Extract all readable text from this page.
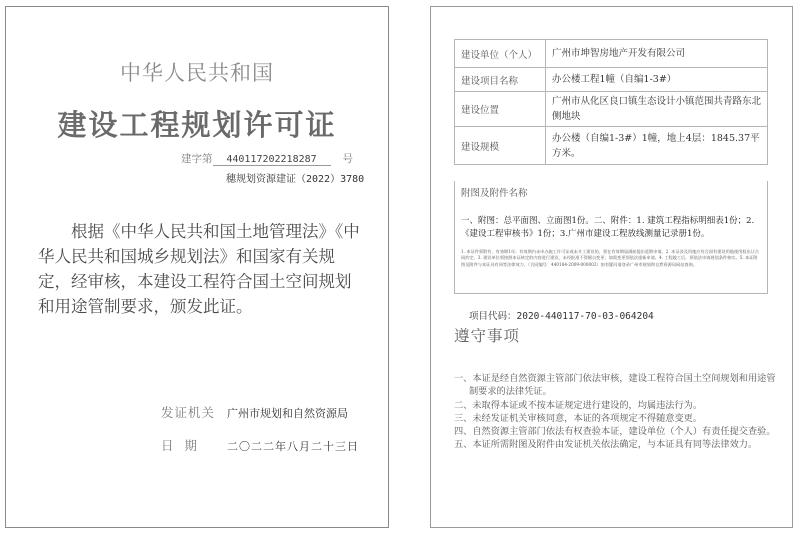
中华人民共和国
建设工程规划许可证
建字第 440117202218287 号
穗规划资源建证（2022）3780
根据《中华人民共和国土地管理法》《中华人民共和国城乡规划法》和国家有关规定，经审核，本建设工程符合国土空间规划和用途管制要求，颁发此证。
发证机关 广州市规划和自然资源局
日期 二〇二二年八月二十三日
建设单位（个人）	广州市坤智房地产开发有限公司
建设项目名称	办公楼工程1幢（自编1-3#）
建设位置	广州市从化区良口镇生态设计小镇范围共青路东北侧地块
建设规模	办公楼（自编1-3#）1幢，地上4层：1845.37平方米。
附图及附件名称
一、附图：总平面图、立面图1份。二、附件：1. 建筑工程指标明细表1份；2.《建设工程审核书》1份；3.广州市建设工程放线测量记录册1份。
1. 本证件须附有、有效期1年；有效期内未申办施工许可证或未开工建设的，须在有效期届满前提出延期申请。2. 本证涉及用地应符合国有建设用地使用权出让合同约定。3. 建设单位须按照本证核定的内容进行建设，未经批准不得擅自变更；如需变更须依法重新申请。4. 工程竣工后，须依法申请规划条件核实。5. 本证附图及附件与本证具有同等法律效力。（合同编号：440184-2009-000002）如有疑问请登录广州市规划和自然资源局网站查询。
项目代码：2020-440117-70-03-064204
遵守事项
一、本证是经自然资源主管部门依法审核，建设工程符合国土空间规划和用途管制要求的法律凭证。
二、未取得本证或不按本证规定进行建设的，均属违法行为。
三、未经发证机关审核同意，本证的各项规定不得随意变更。
四、自然资源主管部门依法有权查验本证，建设单位（个人）有责任提交查验。
五、本证所需附图及附件由发证机关依法确定，与本证具有同等法律效力。
